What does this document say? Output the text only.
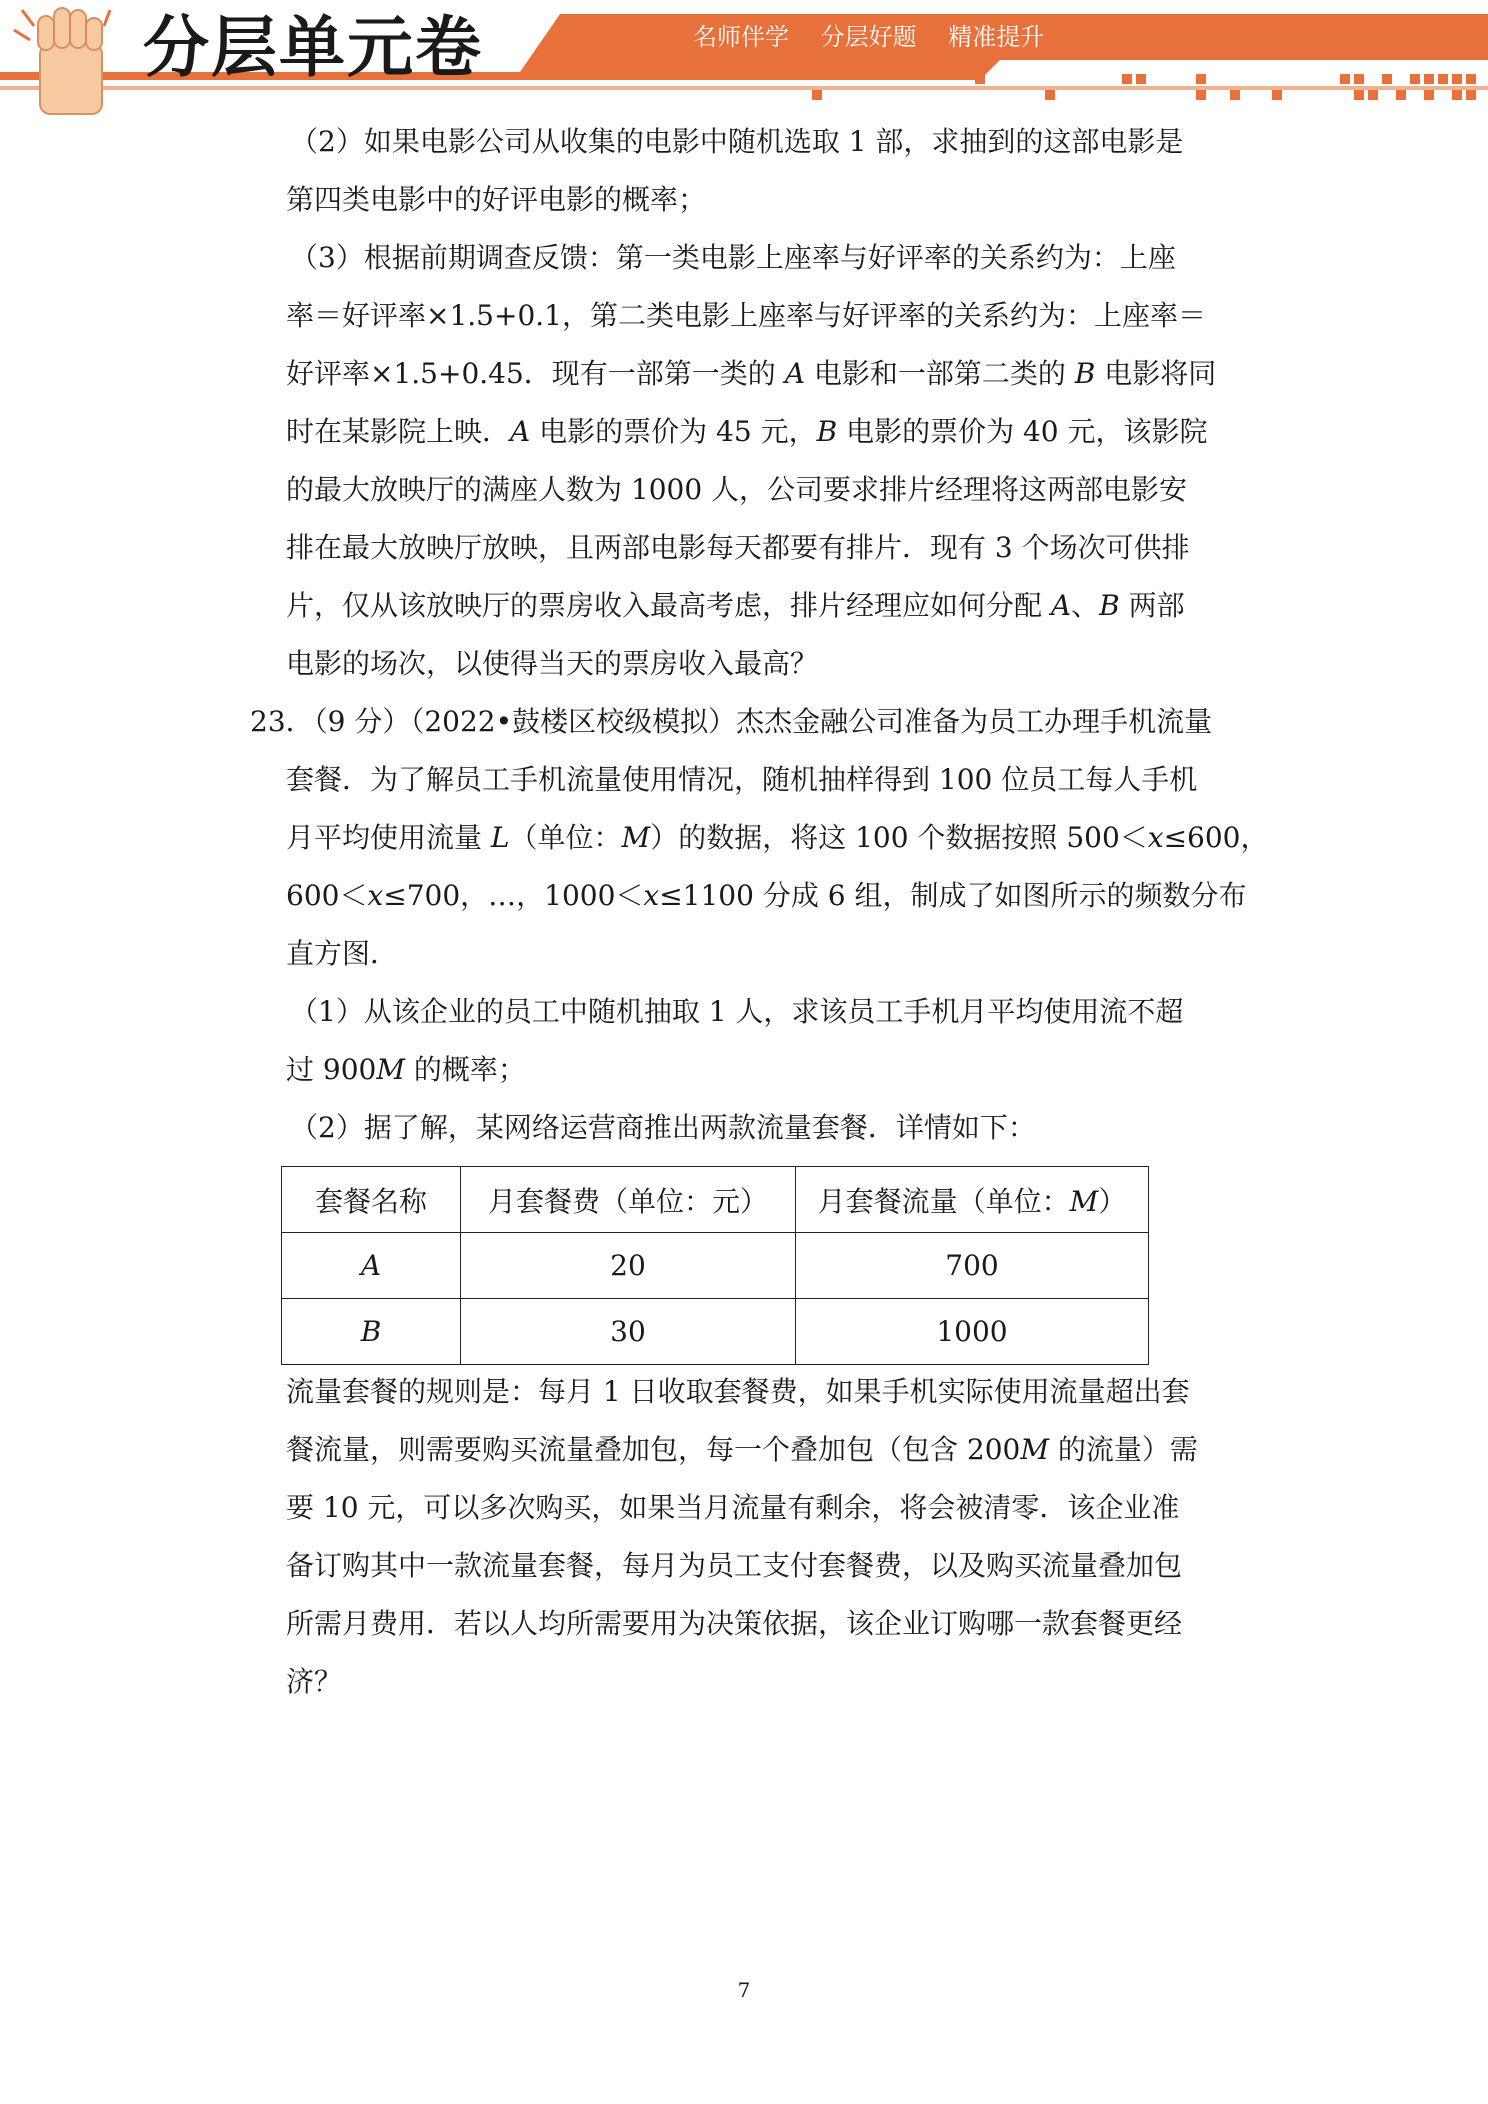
分层单元卷	名师伴学 分层好题 精准提升
（2）如果电影公司从收集的电影中随机选取 1 部，求抽到的这部电影是
第四类电影中的好评电影的概率；
（3）根据前期调查反馈：第一类电影上座率与好评率的关系约为：上座
率＝好评率×1.5+0.1，第二类电影上座率与好评率的关系约为：上座率＝
好评率×1.5+0.45．现有一部第一类的 A 电影和一部第二类的 B 电影将同
时在某影院上映．A 电影的票价为 45 元，B 电影的票价为 40 元，该影院
的最大放映厅的满座人数为 1000 人，公司要求排片经理将这两部电影安
排在最大放映厅放映，且两部电影每天都要有排片．现有 3 个场次可供排
片，仅从该放映厅的票房收入最高考虑，排片经理应如何分配 A、B 两部
电影的场次，以使得当天的票房收入最高？
23．（9 分）（2022•鼓楼区校级模拟）杰杰金融公司准备为员工办理手机流量
套餐．为了解员工手机流量使用情况，随机抽样得到 100 位员工每人手机
月平均使用流量 L（单位：M）的数据，将这 100 个数据按照 500＜x≤600，
600＜x≤700，…，1000＜x≤1100 分成 6 组，制成了如图所示的频数分布
直方图．
（1）从该企业的员工中随机抽取 1 人，求该员工手机月平均使用流不超
过 900M 的概率；
（2）据了解，某网络运营商推出两款流量套餐．详情如下：
套餐名称	月套餐费（单位：元）	月套餐流量（单位：M）
A	20	700
B	30	1000
流量套餐的规则是：每月 1 日收取套餐费，如果手机实际使用流量超出套
餐流量，则需要购买流量叠加包，每一个叠加包（包含 200M 的流量）需
要 10 元，可以多次购买，如果当月流量有剩余，将会被清零．该企业准
备订购其中一款流量套餐，每月为员工支付套餐费，以及购买流量叠加包
所需月费用．若以人均所需要用为决策依据，该企业订购哪一款套餐更经
济？
7
